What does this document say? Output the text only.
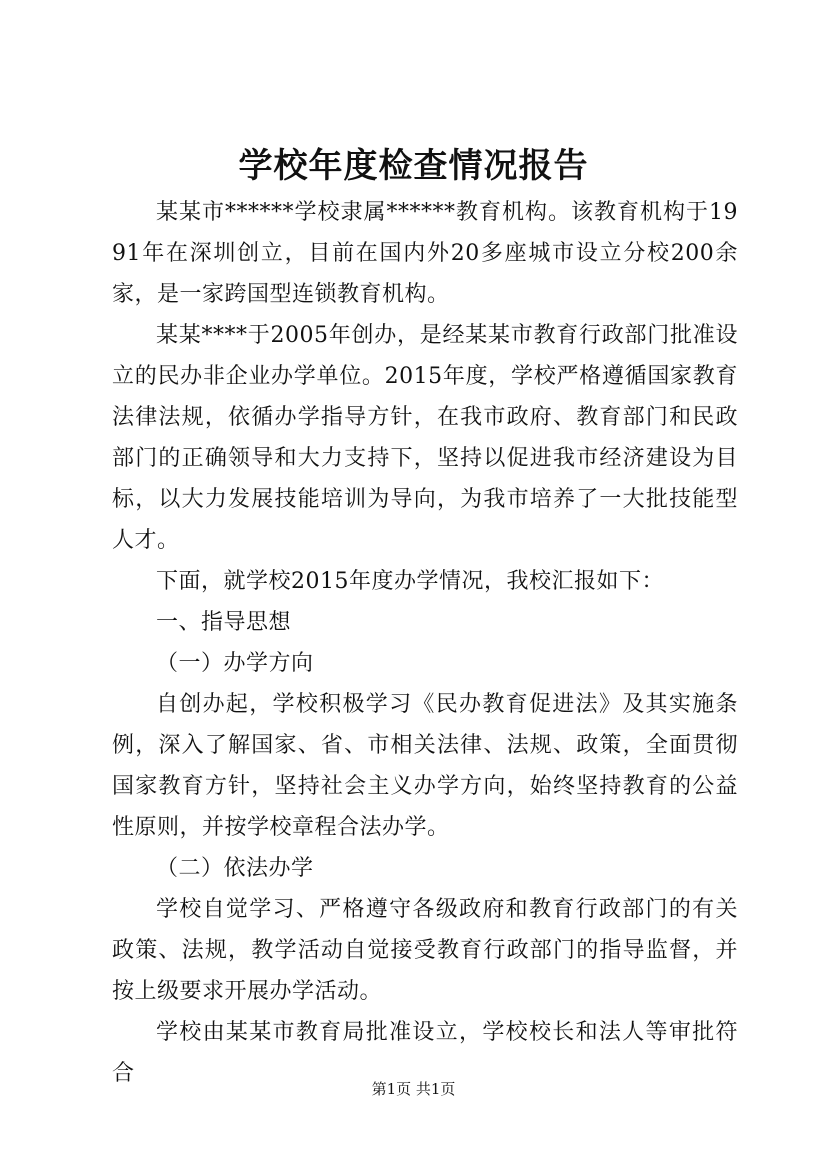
学校年度检查情况报告

某某市******学校隶属******教育机构。该教育机构于1991年在深圳创立，目前在国内外20多座城市设立分校200余家，是一家跨国型连锁教育机构。

某某****于2005年创办，是经某某市教育行政部门批准设立的民办非企业办学单位。2015年度，学校严格遵循国家教育法律法规，依循办学指导方针，在我市政府、教育部门和民政部门的正确领导和大力支持下，坚持以促进我市经济建设为目标，以大力发展技能培训为导向，为我市培养了一大批技能型人才。

下面，就学校2015年度办学情况，我校汇报如下：

一、指导思想

（一）办学方向

自创办起，学校积极学习《民办教育促进法》及其实施条例，深入了解国家、省、市相关法律、法规、政策，全面贯彻国家教育方针，坚持社会主义办学方向，始终坚持教育的公益性原则，并按学校章程合法办学。

（二）依法办学

学校自觉学习、严格遵守各级政府和教育行政部门的有关政策、法规，教学活动自觉接受教育行政部门的指导监督，并按上级要求开展办学活动。

学校由某某市教育局批准设立，学校校长和法人等审批符合

第1页 共1页
